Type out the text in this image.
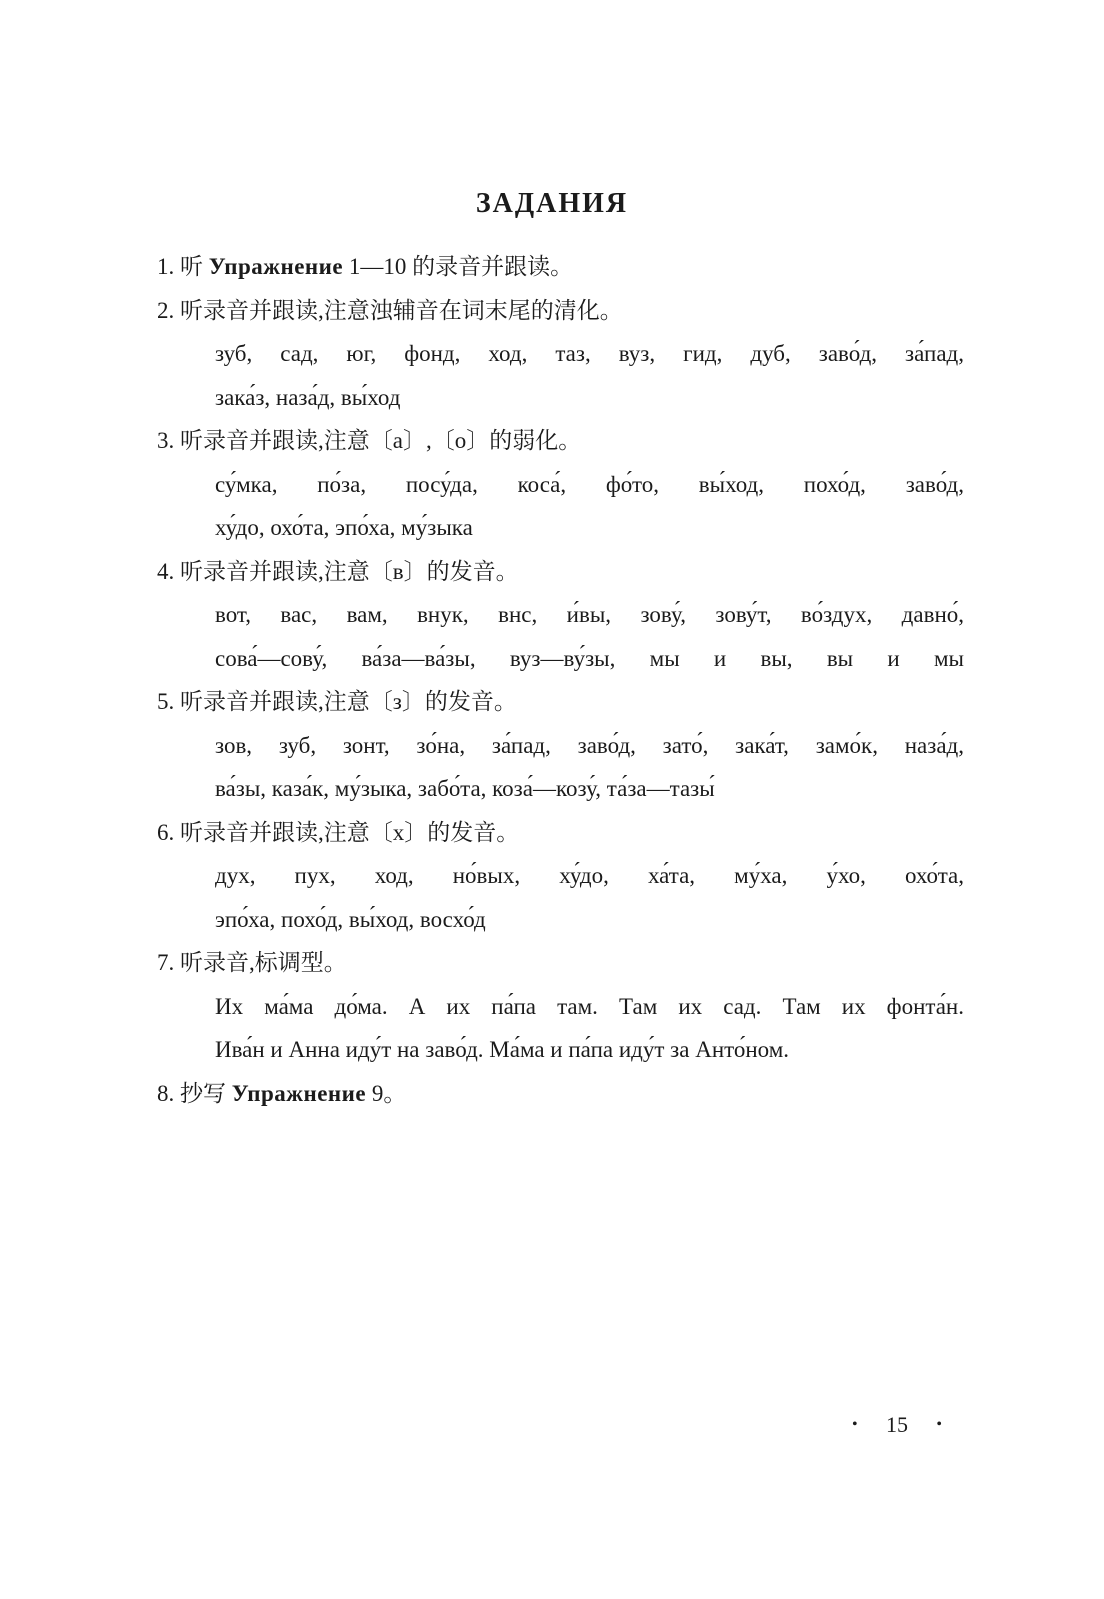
ЗАДАНИЯ
1. 听 Упражнение 1—10 的录音并跟读。
2. 听录音并跟读,注意浊辅音在词末尾的清化。
зуб, сад, юг, фонд, ход, таз, вуз, гид, дуб, заво́д, за́пад,
зака́з, наза́д, вы́ход
3. 听录音并跟读,注意〔a〕,〔o〕的弱化。
су́мка, по́за, посу́да, коса́, фо́то, вы́ход, похо́д, заво́д,
ху́до, охо́та, эпо́ха, му́зыка
4. 听录音并跟读,注意〔в〕的发音。
вот, вас, вам, внук, внс, и́вы, зову́, зову́т, во́здух, давно́,
сова́—сову́, ва́за—ва́зы, вуз—ву́зы, мы и вы, вы и мы
5. 听录音并跟读,注意〔з〕的发音。
зов, зуб, зонт, зо́на, за́пад, заво́д, зато́, зака́т, замо́к, наза́д,
ва́зы, каза́к, му́зыка, забо́та, коза́—козу́, та́за—тазы́
6. 听录音并跟读,注意〔x〕的发音。
дух, пух, ход, но́вых, ху́до, ха́та, му́ха, у́хо, охо́та,
эпо́ха, похо́д, вы́ход, восхо́д
7. 听录音,标调型。
Их ма́ма до́ма. А их па́па там. Там их сад. Там их фонта́н.
Ива́н и Анна иду́т на заво́д. Ма́ма и па́па иду́т за Анто́ном.
8. 抄写 Упражнение 9。
• 15 •
